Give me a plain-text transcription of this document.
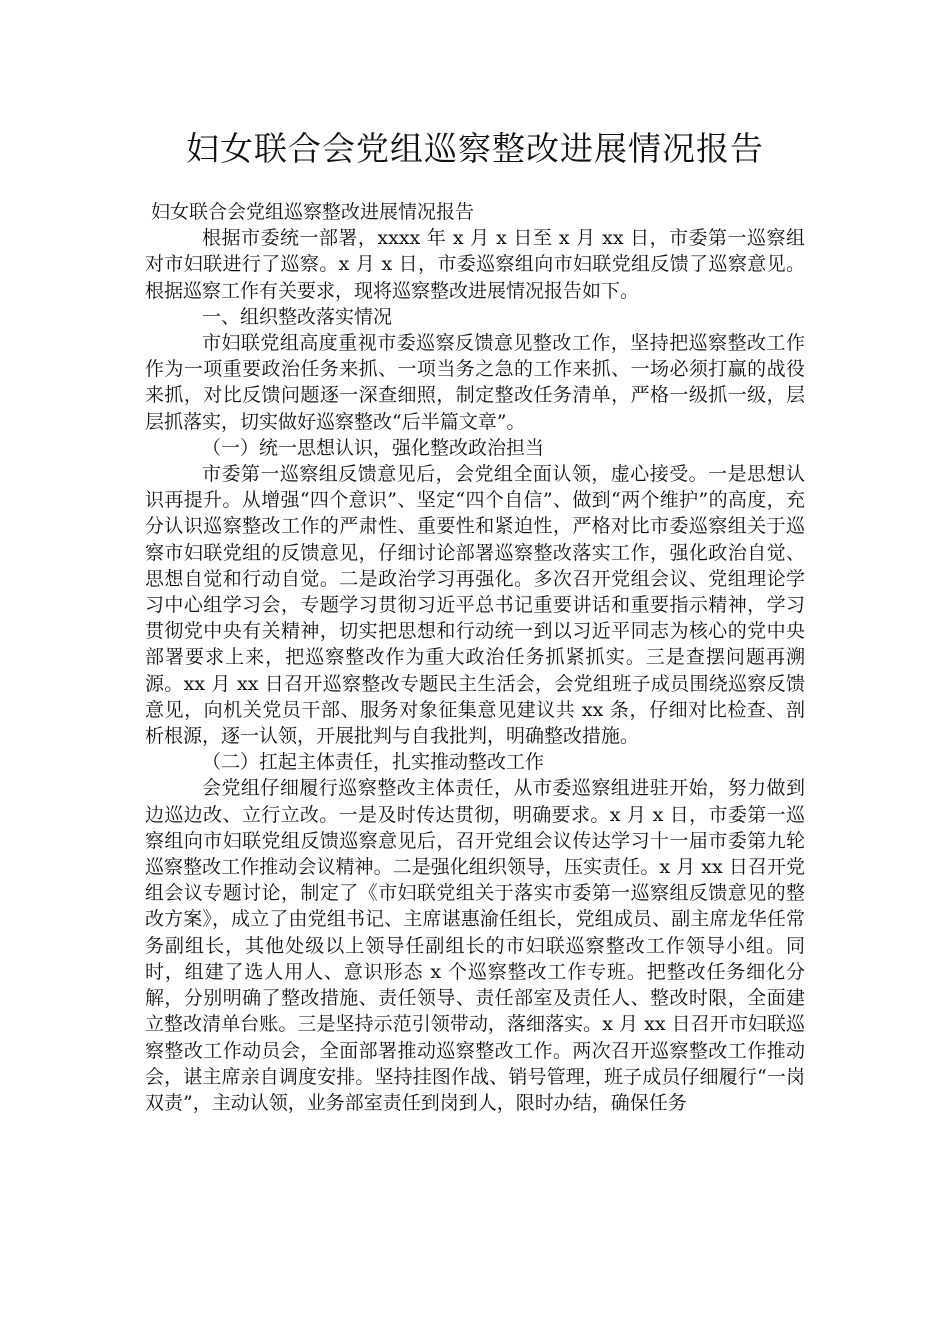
妇女联合会党组巡察整改进展情况报告

妇女联合会党组巡察整改进展情况报告

根据市委统一部署，xxxx 年 x 月 x 日至 x 月 xx 日，市委第一巡察组对市妇联进行了巡察。x 月 x 日，市委巡察组向市妇联党组反馈了巡察意见。根据巡察工作有关要求，现将巡察整改进展情况报告如下。

一、组织整改落实情况

市妇联党组高度重视市委巡察反馈意见整改工作，坚持把巡察整改工作作为一项重要政治任务来抓、一项当务之急的工作来抓、一场必须打赢的战役来抓，对比反馈问题逐一深查细照，制定整改任务清单，严格一级抓一级，层层抓落实，切实做好巡察整改“后半篇文章”。

（一）统一思想认识，强化整改政治担当

市委第一巡察组反馈意见后，会党组全面认领，虚心接受。一是思想认识再提升。从增强“四个意识”、坚定“四个自信”、做到“两个维护”的高度，充分认识巡察整改工作的严肃性、重要性和紧迫性，严格对比市委巡察组关于巡察市妇联党组的反馈意见，仔细讨论部署巡察整改落实工作，强化政治自觉、思想自觉和行动自觉。二是政治学习再强化。多次召开党组会议、党组理论学习中心组学习会，专题学习贯彻习近平总书记重要讲话和重要指示精神，学习贯彻党中央有关精神，切实把思想和行动统一到以习近平同志为核心的党中央部署要求上来，把巡察整改作为重大政治任务抓紧抓实。三是查摆问题再溯源。xx 月 xx 日召开巡察整改专题民主生活会，会党组班子成员围绕巡察反馈意见，向机关党员干部、服务对象征集意见建议共 xx 条，仔细对比检查、剖析根源，逐一认领，开展批判与自我批判，明确整改措施。

（二）扛起主体责任，扎实推动整改工作

会党组仔细履行巡察整改主体责任，从市委巡察组进驻开始，努力做到边巡边改、立行立改。一是及时传达贯彻，明确要求。x 月 x 日，市委第一巡察组向市妇联党组反馈巡察意见后，召开党组会议传达学习十一届市委第九轮巡察整改工作推动会议精神。二是强化组织领导，压实责任。x 月 xx 日召开党组会议专题讨论，制定了《市妇联党组关于落实市委第一巡察组反馈意见的整改方案》，成立了由党组书记、主席谌惠渝任组长，党组成员、副主席龙华任常务副组长，其他处级以上领导任副组长的市妇联巡察整改工作领导小组。同时，组建了选人用人、意识形态 x 个巡察整改工作专班。把整改任务细化分解，分别明确了整改措施、责任领导、责任部室及责任人、整改时限，全面建立整改清单台账。三是坚持示范引领带动，落细落实。x 月 xx 日召开市妇联巡察整改工作动员会，全面部署推动巡察整改工作。两次召开巡察整改工作推动会，谌主席亲自调度安排。坚持挂图作战、销号管理，班子成员仔细履行“一岗双责”，主动认领，业务部室责任到岗到人，限时办结，确保任务
